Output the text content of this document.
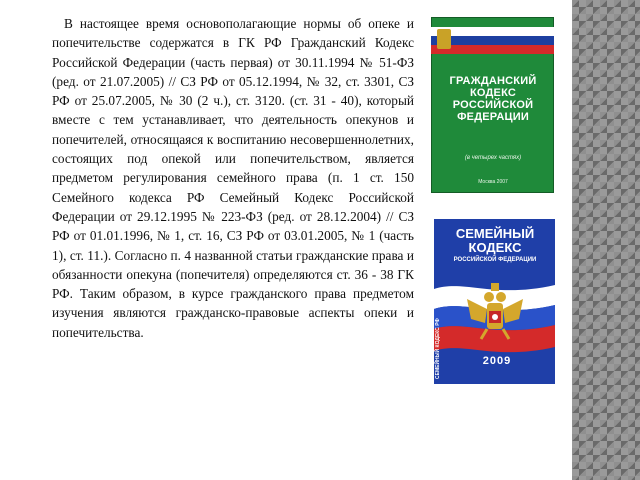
В настоящее время основополагающие нормы об опеке и попечительстве содержатся в ГК РФ Гражданский Кодекс Российской Федерации (часть первая) от 30.11.1994 № 51-ФЗ (ред. от 21.07.2005) // СЗ РФ от 05.12.1994, № 32, ст. 3301, СЗ РФ от 25.07.2005, № 30 (2 ч.), ст. 3120. (ст. 31 - 40), который вместе с тем устанавливает, что деятельность опекунов и попечителей, относящаяся к воспитанию несовершеннолетних, состоящих под опекой или попечительством, является предметом регулирования семейного права (п. 1 ст. 150 Семейного кодекса РФ Семейный Кодекс Российской Федерации от 29.12.1995 № 223-ФЗ (ред. от 28.12.2004) // СЗ РФ от 01.01.1996, № 1, ст. 16, СЗ РФ от 03.01.2005, № 1 (часть 1), ст. 11.). Согласно п. 4 названной статьи гражданские права и обязанности опекуна (попечителя) определяются ст. 36 - 38 ГК РФ. Таким образом, в курсе гражданского права предметом изучения являются гражданско-правовые аспекты опеки и попечительства.

ГРАЖДАНСКИЙ КОДЕКС РОССИЙСКОЙ ФЕДЕРАЦИИ
(в четырех частях)
Москва 2007
СЕМЕЙНЫЙ КОДЕКС
РОССИЙСКОЙ ФЕДЕРАЦИИ
2009
СЕМЕЙНЫЙ КОДЕКС РФ
